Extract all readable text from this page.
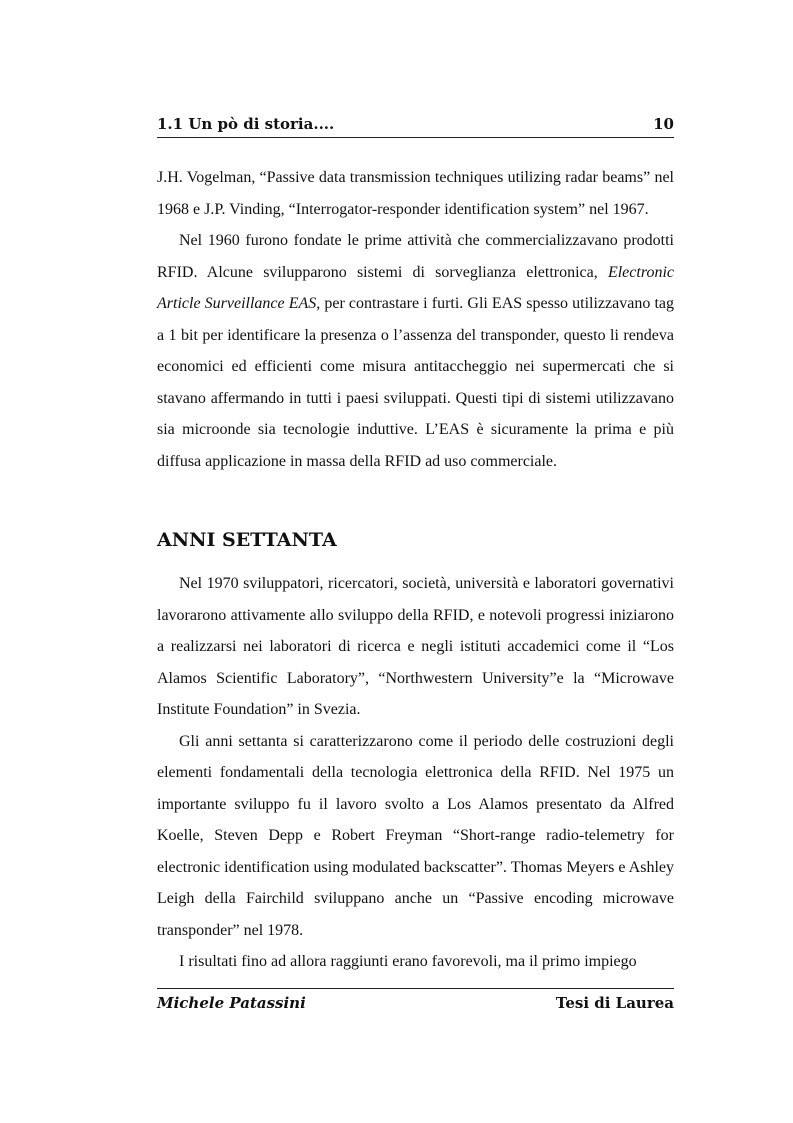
1.1 Un pò di storia....	10

J.H. Vogelman, “Passive data transmission techniques utilizing radar beams” nel 1968 e J.P. Vinding, “Interrogator-responder identification system” nel 1967.

Nel 1960 furono fondate le prime attività che commercializzavano prodotti RFID. Alcune svilupparono sistemi di sorveglianza elettronica, Electronic Article Surveillance EAS, per contrastare i furti. Gli EAS spesso utilizzavano tag a 1 bit per identificare la presenza o l’assenza del transponder, questo li rendeva economici ed efficienti come misura antitaccheggio nei supermercati che si stavano affermando in tutti i paesi sviluppati. Questi tipi di sistemi utilizzavano sia microonde sia tecnologie induttive. L’EAS è sicuramente la prima e più diffusa applicazione in massa della RFID ad uso commerciale.

ANNI SETTANTA

Nel 1970 sviluppatori, ricercatori, società, università e laboratori governativi lavorarono attivamente allo sviluppo della RFID, e notevoli progressi iniziarono a realizzarsi nei laboratori di ricerca e negli istituti accademici come il “Los Alamos Scientific Laboratory”, “Northwestern University”e la “Microwave Institute Foundation” in Svezia.

Gli anni settanta si caratterizzarono come il periodo delle costruzioni degli elementi fondamentali della tecnologia elettronica della RFID. Nel 1975 un importante sviluppo fu il lavoro svolto a Los Alamos presentato da Alfred Koelle, Steven Depp e Robert Freyman “Short-range radio-telemetry for electronic identification using modulated backscatter”. Thomas Meyers e Ashley Leigh della Fairchild sviluppano anche un “Passive encoding microwave transponder” nel 1978.

I risultati fino ad allora raggiunti erano favorevoli, ma il primo impiego

Michele Patassini	Tesi di Laurea
